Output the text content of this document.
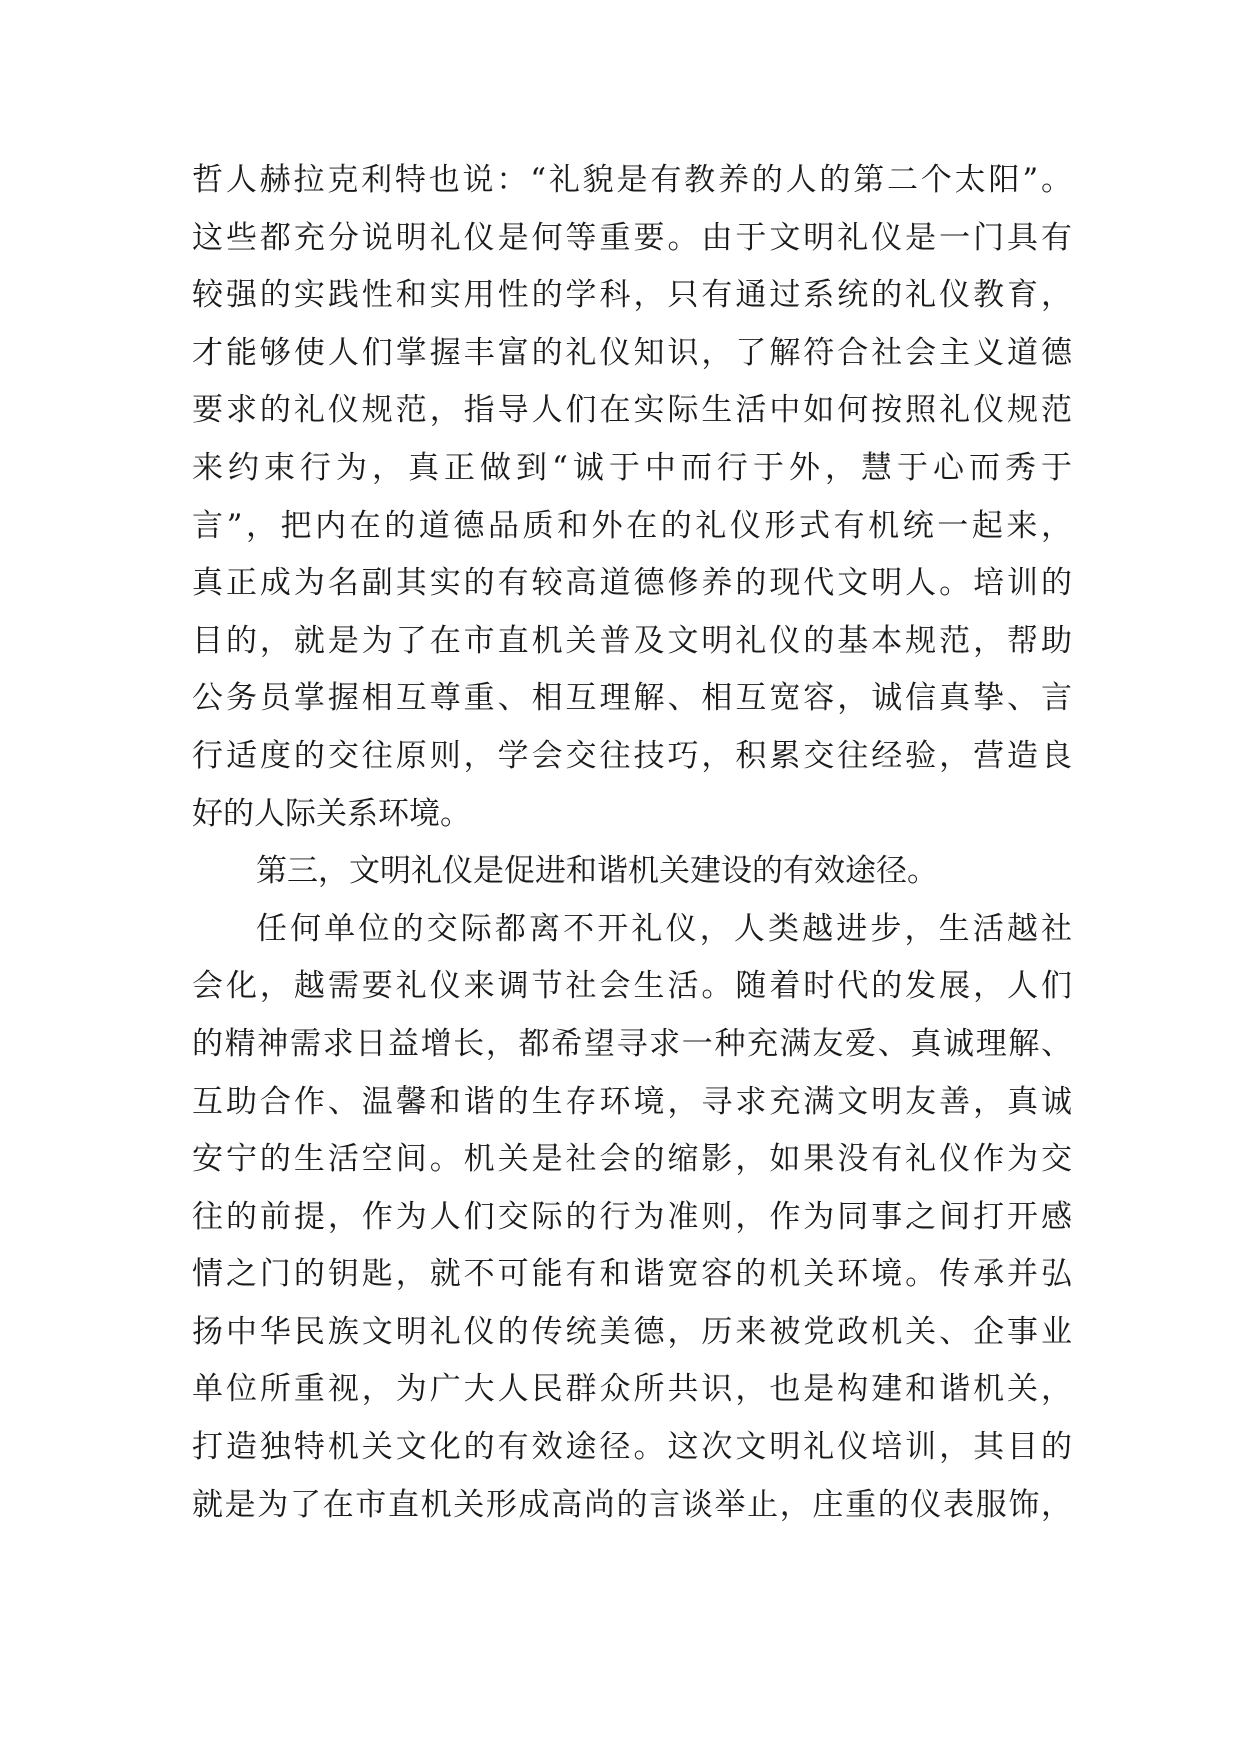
哲人赫拉克利特也说：“礼貌是有教养的人的第二个太阳”。
这些都充分说明礼仪是何等重要。由于文明礼仪是一门具有
较强的实践性和实用性的学科，只有通过系统的礼仪教育，
才能够使人们掌握丰富的礼仪知识，了解符合社会主义道德
要求的礼仪规范，指导人们在实际生活中如何按照礼仪规范
来约束行为，真正做到“诚于中而行于外，慧于心而秀于
言”，把内在的道德品质和外在的礼仪形式有机统一起来，
真正成为名副其实的有较高道德修养的现代文明人。培训的
目的，就是为了在市直机关普及文明礼仪的基本规范，帮助
公务员掌握相互尊重、相互理解、相互宽容，诚信真挚、言
行适度的交往原则，学会交往技巧，积累交往经验，营造良
好的人际关系环境。
第三，文明礼仪是促进和谐机关建设的有效途径。
任何单位的交际都离不开礼仪，人类越进步，生活越社
会化，越需要礼仪来调节社会生活。随着时代的发展，人们
的精神需求日益增长，都希望寻求一种充满友爱、真诚理解、
互助合作、温馨和谐的生存环境，寻求充满文明友善，真诚
安宁的生活空间。机关是社会的缩影，如果没有礼仪作为交
往的前提，作为人们交际的行为准则，作为同事之间打开感
情之门的钥匙，就不可能有和谐宽容的机关环境。传承并弘
扬中华民族文明礼仪的传统美德，历来被党政机关、企事业
单位所重视，为广大人民群众所共识，也是构建和谐机关，
打造独特机关文化的有效途径。这次文明礼仪培训，其目的
就是为了在市直机关形成高尚的言谈举止，庄重的仪表服饰，
